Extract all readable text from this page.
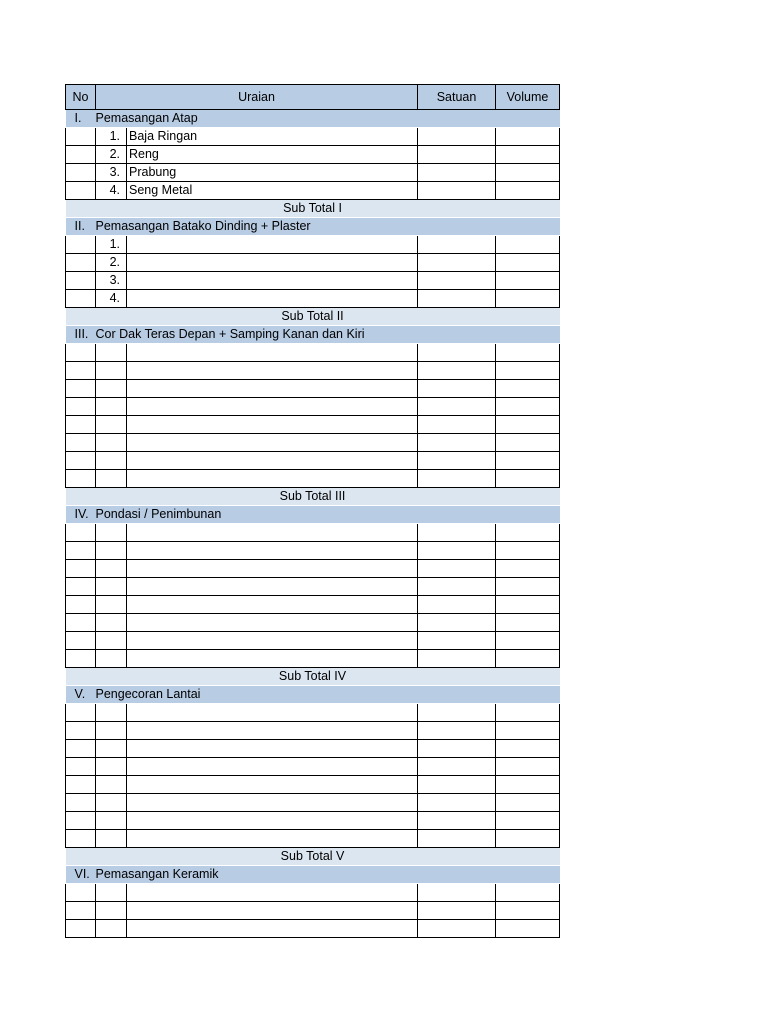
No	Uraian		Satuan	Volume
I.	Pemasangan Atap			
	1.	Baja Ringan		
	2.	Reng		
	3.	Prabung		
	4.	Seng Metal		
Sub Total I				
II.	Pemasangan Batako Dinding + Plaster			
	1.			
	2.			
	3.			
	4.			
Sub Total II				
III.	Cor Dak Teras Depan + Samping Kanan dan Kiri			

Sub Total III				
IV.	Pondasi / Penimbunan			

Sub Total IV				
V.	Pengecoran Lantai			

Sub Total V				
VI.	Pemasangan Keramik			
